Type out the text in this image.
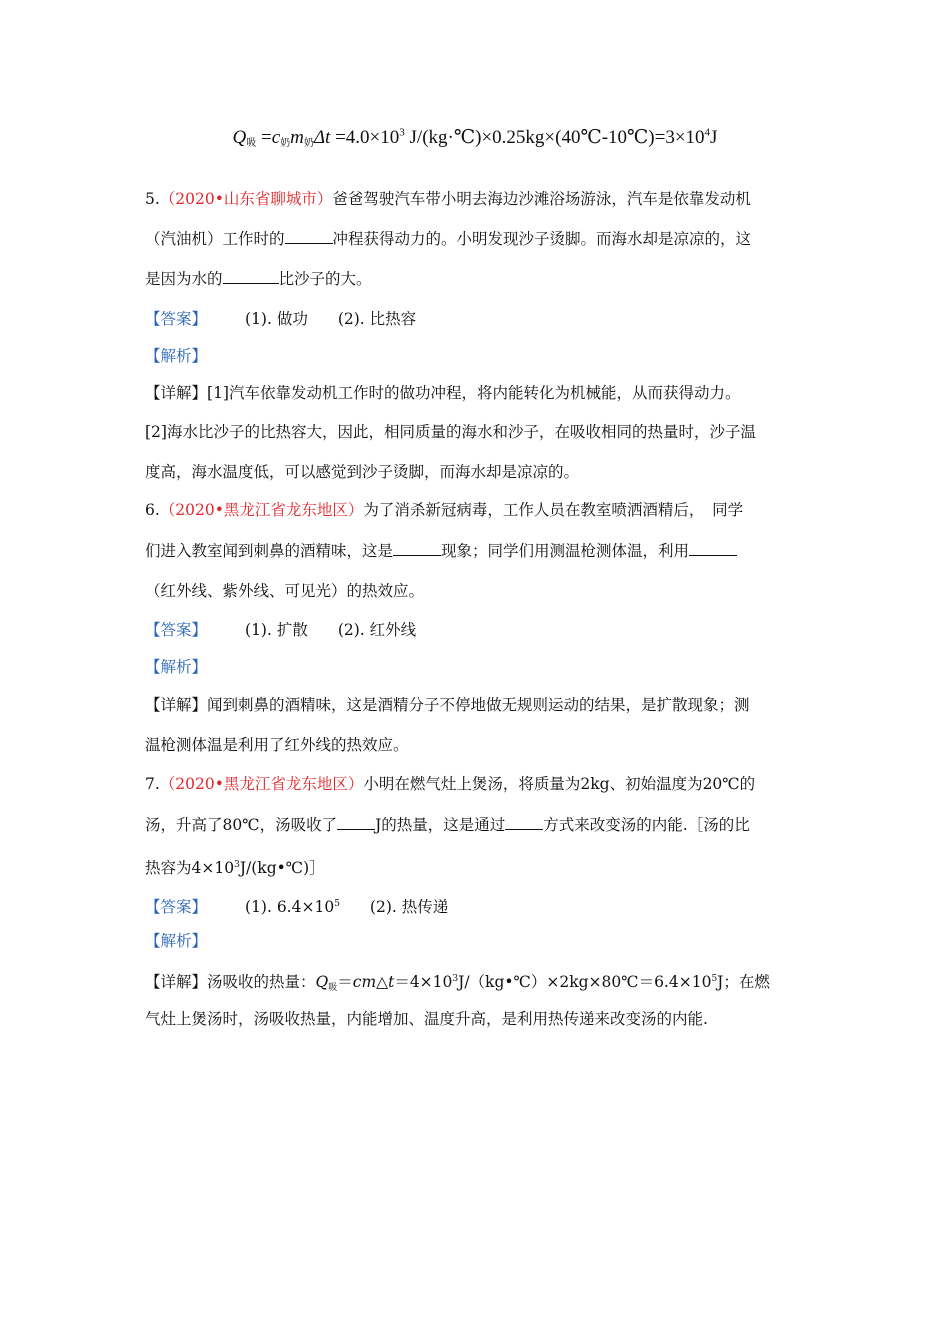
$Q_吸 =c_奶m_奶\Delta t =4.0\times 10^3$ $J/(kg\cdot℃)\times 0.25kg\times(40℃-10℃)=3\times 10^4J$
5.（2020•山东省聊城市）爸爸驾驶汽车带小明去海边沙滩浴场游泳，汽车是依靠发动机
（汽油机）工作时的	冲程获得动力的。小明发现沙子烫脚。而海水却是凉凉的，这
是因为水的	比沙子的大。
【答案】 (1). 做功 (2). 比热容
【解析】
【详解】[1]汽车依靠发动机工作时的做功冲程，将内能转化为机械能，从而获得动力。
[2]海水比沙子的比热容大，因此，相同质量的海水和沙子，在吸收相同的热量时，沙子温
度高，海水温度低，可以感觉到沙子烫脚，而海水却是凉凉的。
6.（2020•黑龙江省龙东地区）为了消杀新冠病毒，工作人员在教室喷洒酒精后，　同学
们进入教室闻到刺鼻的酒精味，这是	现象；同学们用测温枪测体温，利用
（红外线、紫外线、可见光）的热效应。
【答案】 (1). 扩散 (2). 红外线
【解析】
【详解】闻到刺鼻的酒精味，这是酒精分子不停地做无规则运动的结果，是扩散现象；测
温枪测体温是利用了红外线的热效应。
7.（2020•黑龙江省龙东地区）小明在燃气灶上煲汤，将质量为2kg、初始温度为20℃的
汤，升高了80℃，汤吸收了 J的热量，这是通过 方式来改变汤的内能.［汤的比
热容为$4\times 10^3J/(kg•℃)]$
【答案】 (1). $6.4\times 10^5$ (2). 热传递
【解析】
【详解】汤吸收的热量：$Q_吸=cm\triangle t=4\times 10^3J/(kg•℃)\times 2kg\times 80℃=6.4\times 10^5J$；在燃
气灶上煲汤时，汤吸收热量，内能增加、温度升高，是利用热传递来改变汤的内能.
